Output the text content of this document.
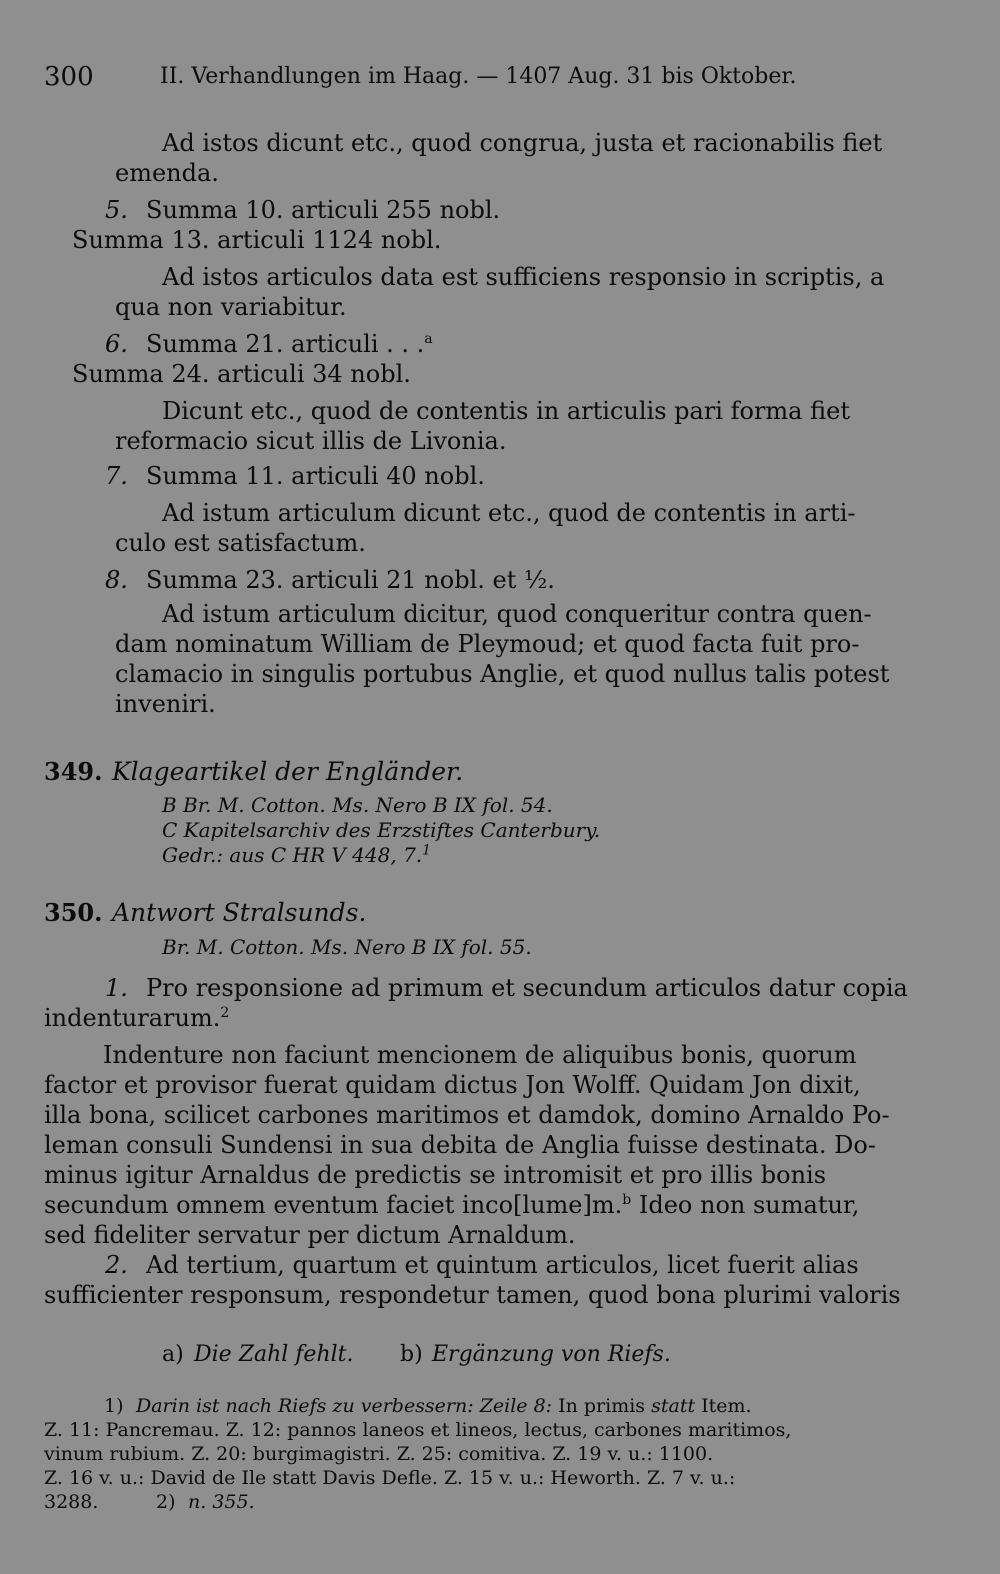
300	II. Verhandlungen im Haag. — 1407 Aug. 31 bis Oktober.
Ad istos dicunt etc., quod congrua, justa et racionabilis fiet
emenda.
5. Summa 10. articuli 255 nobl.
Summa 13. articuli 1124 nobl.
Ad istos articulos data est sufficiens responsio in scriptis, a
qua non variabitur.
6. Summa 21. articuli . . .$^a$
Summa 24. articuli 34 nobl.
Dicunt etc., quod de contentis in articulis pari forma fiet
reformacio sicut illis de Livonia.
7. Summa 11. articuli 40 nobl.
Ad istum articulum dicunt etc., quod de contentis in arti-
culo est satisfactum.
8. Summa 23. articuli 21 nobl. et ½.
Ad istum articulum dicitur, quod conqueritur contra quen-
dam nominatum William de Pleymoud; et quod facta fuit pro-
clamacio in singulis portubus Anglie, et quod nullus talis potest
inveniri.
349. Klageartikel der Engländer.
B Br. M. Cotton. Ms. Nero B IX fol. 54.
C Kapitelsarchiv des Erzstiftes Canterbury.
Gedr.: aus C HR V 448, 7.$^1$
350. Antwort Stralsunds.
Br. M. Cotton. Ms. Nero B IX fol. 55.
1. Pro responsione ad primum et secundum articulos datur copia
indenturarum.$^2$
Indenture non faciunt mencionem de aliquibus bonis, quorum
factor et provisor fuerat quidam dictus Jon Wolff. Quidam Jon dixit,
illa bona, scilicet carbones maritimos et damdok, domino Arnaldo Po-
leman consuli Sundensi in sua debita de Anglia fuisse destinata. Do-
minus igitur Arnaldus de predictis se intromisit et pro illis bonis
secundum omnem eventum faciet inco[lume]m.$^b$ Ideo non sumatur,
sed fideliter servatur per dictum Arnaldum.
2. Ad tertium, quartum et quintum articulos, licet fuerit alias
sufficienter responsum, respondetur tamen, quod bona plurimi valoris
a) Die Zahl fehlt. b) Ergänzung von Riefs.
1) Darin ist nach Riefs zu verbessern: Zeile 8: In primis statt Item.
Z. 11: Pancremau. Z. 12: pannos laneos et lineos, lectus, carbones maritimos,
vinum rubium. Z. 20: burgimagistri. Z. 25: comitiva. Z. 19 v. u.: 1100.
Z. 16 v. u.: David de Ile statt Davis Defle. Z. 15 v. u.: Heworth. Z. 7 v. u.:
3288.	2) n. 355.
